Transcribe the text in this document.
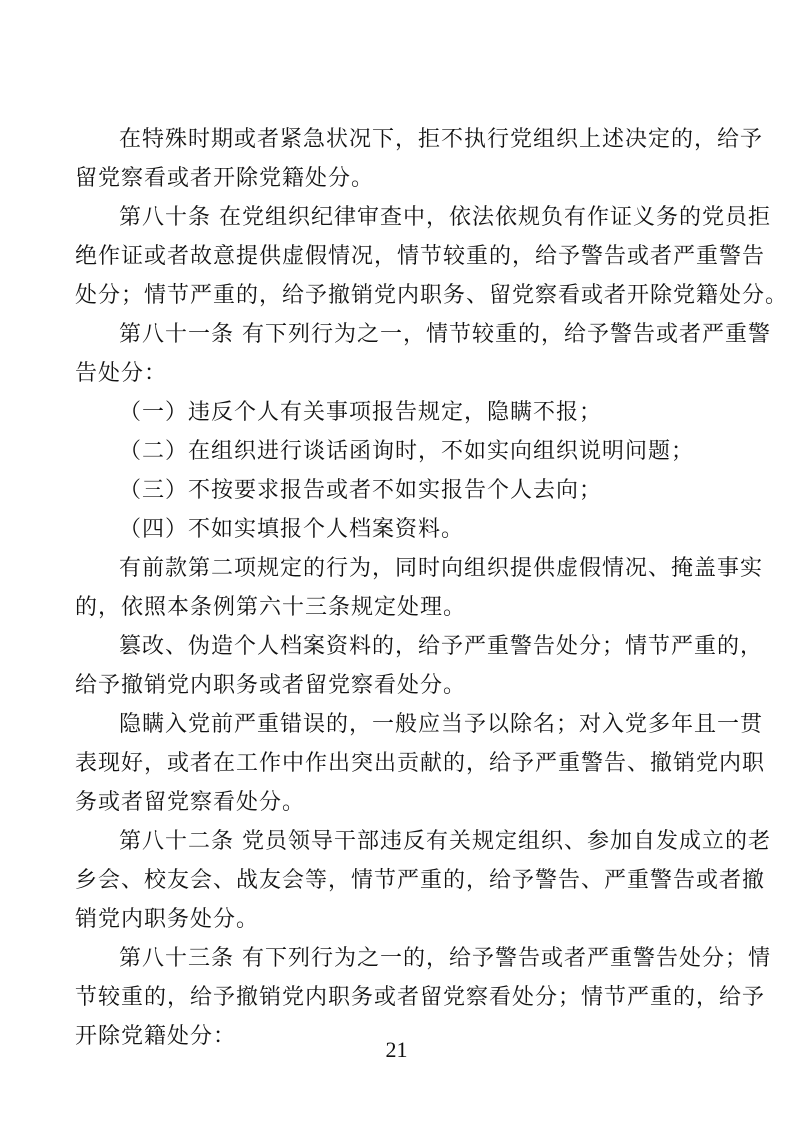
在特殊时期或者紧急状况下，拒不执行党组织上述决定的，给予
留党察看或者开除党籍处分。

第八十条 在党组织纪律审查中，依法依规负有作证义务的党员拒
绝作证或者故意提供虚假情况，情节较重的，给予警告或者严重警告
处分；情节严重的，给予撤销党内职务、留党察看或者开除党籍处分。

第八十一条 有下列行为之一，情节较重的，给予警告或者严重警
告处分：

（一）违反个人有关事项报告规定，隐瞒不报；

（二）在组织进行谈话函询时，不如实向组织说明问题；

（三）不按要求报告或者不如实报告个人去向；

（四）不如实填报个人档案资料。

有前款第二项规定的行为，同时向组织提供虚假情况、掩盖事实
的，依照本条例第六十三条规定处理。

篡改、伪造个人档案资料的，给予严重警告处分；情节严重的，
给予撤销党内职务或者留党察看处分。

隐瞒入党前严重错误的，一般应当予以除名；对入党多年且一贯
表现好，或者在工作中作出突出贡献的，给予严重警告、撤销党内职
务或者留党察看处分。

第八十二条 党员领导干部违反有关规定组织、参加自发成立的老
乡会、校友会、战友会等，情节严重的，给予警告、严重警告或者撤
销党内职务处分。

第八十三条 有下列行为之一的，给予警告或者严重警告处分；情
节较重的，给予撤销党内职务或者留党察看处分；情节严重的，给予
开除党籍处分：

21
